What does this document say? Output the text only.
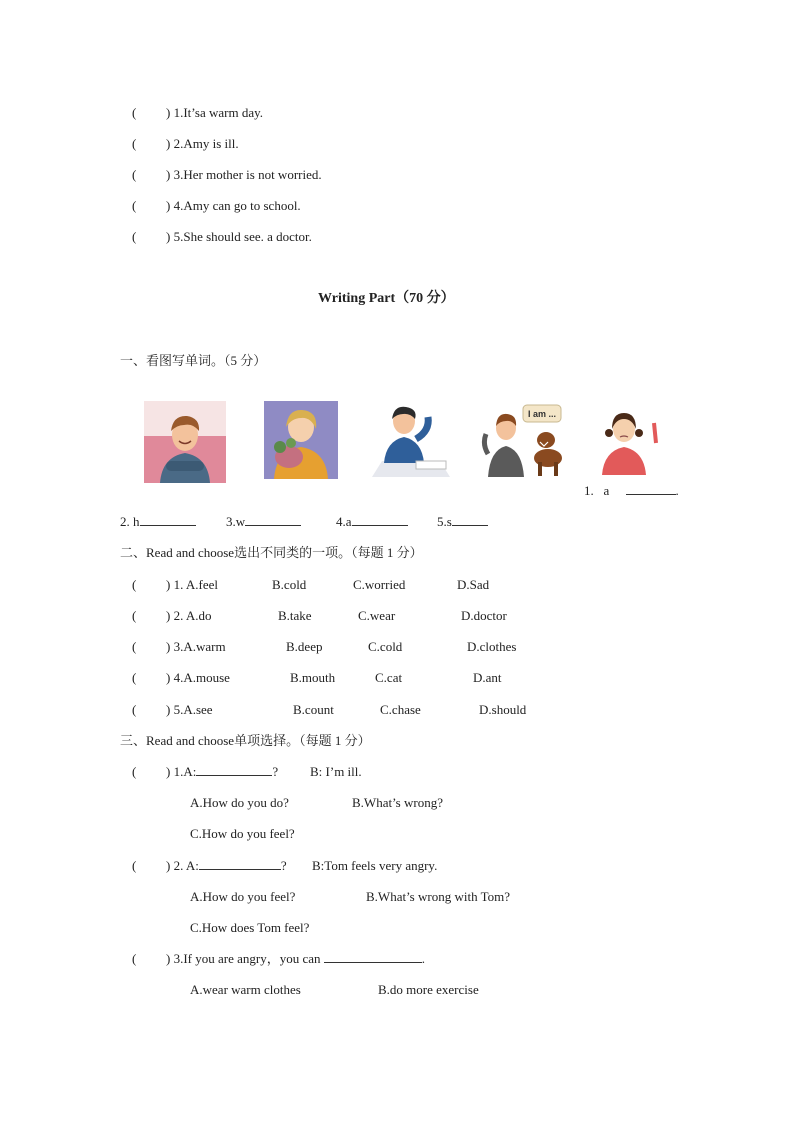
( ) 1.It’sa warm day.
( ) 2.Amy is ill.
( ) 3.Her mother is not worried.
( ) 4.Amy can go to school.
( ) 5.She should see. a doctor.
Writing Part（70 分）
一、看图写单词。（5 分）
I am ...
1. a	.
2. h	3.w	4.a	5.s
二、Read and choose选出不同类的一项。（每题 1 分）
( ) 1. A.feel	B.cold	C.worried	D.Sad
( ) 2. A.do	B.take	C.wear	D.doctor
( ) 3.A.warm	B.deep	C.cold	D.clothes
( ) 4.A.mouse	B.mouth	C.cat	D.ant
( ) 5.A.see	B.count	C.chase	D.should
三、Read and choose单项选择。（每题 1 分）
( ) 1.A:	? B: I’m ill.
A.How do you do?	B.What’s wrong?
C.How do you feel?
( ) 2. A:	? B:Tom feels very angry.
A.How do you feel?	B.What’s wrong with Tom?
C.How does Tom feel?
( ) 3.If you are angry，you can	.
A.wear warm clothes	B.do more exercise
